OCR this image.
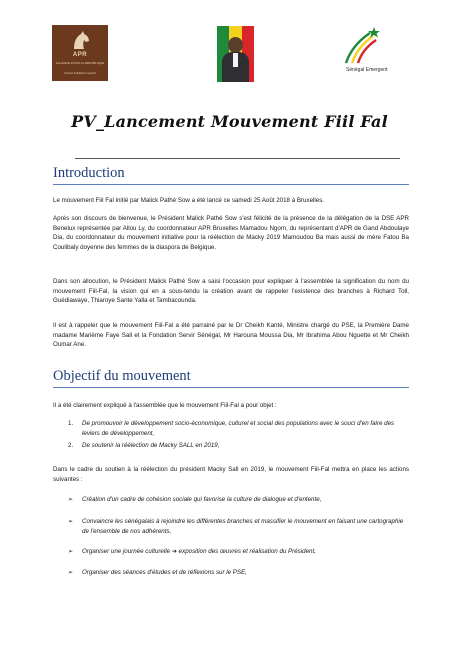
APR
ALLIANCE POUR LA REPUBLIQUE
Travail Solidarité Loyauté	Sénégal Emergent
PV_Lancement Mouvement Fiil Fal
Introduction
Le mouvement Fiil Fal initié par Malick Pathé Sow a été lancé ce samedi 25 Août 2018 à Bruxelles.
Après son discours de bienvenue, le Président Malick Pathé Sow s'est félicité de la présence de la délégation de la DSE APR Benelux représentée par Allou Ly, du coordonnateur APR Bruxelles Mamadou Ngom, du représentant d'APR de Gand Abdoulaye Dia, du coordonnateur du mouvement initiative pour la réélection de Macky 2019 Mamoudou Ba mais aussi de mère Fatou Ba Coulibaly doyenne des femmes de la diaspora de Belgique.
Dans son allocution, le Président Malick Pathé Sow a saisi l'occasion pour expliquer à l'assemblée la signification du nom du mouvement Fiil-Fal, la vision qui en a sous-tendu la création avant de rappeler l'existence des branches à Richard Toll, Guédiawaye, Thiaroye Sante Yalla et Tambacounda.
Il est à rappeler que le mouvement Fiil-Fal a été parrainé par le Dr Cheikh Kanté, Ministre chargé du PSE, la Première Dame madame Marième Faye Sall et la Fondation Servir Sénégal, Mr Harouna Moussa Dia, Mr Ibrahima Abou Nguette et Mr Cheikh Oumar Ane.
Objectif du mouvement
Il a été clairement expliqué à l'assemblée que le mouvement Fiil-Fal a pour objet :
1. De promouvoir le développement socio-économique, culturel et social des populations avec le souci d'en faire des leviers de développement,
2. De soutenir la réélection de Macky SALL en 2019,
Dans le cadre du soutien à la réélection du président Macky Sall en 2019, le mouvement Fiil-Fal mettra en place les actions suivantes :
➢ Création d'un cadre de cohésion sociale qui favorise la culture de dialogue et d'entente,
➢ Convaincre les sénégalais à rejoindre les différentes branches et massifier le mouvement en faisant une cartographie de l'ensemble de nos adhérents,
➢ Organiser une journée culturelle ➔ exposition des œuvres et réalisation du Président,
➢ Organiser des séances d'études et de réflexions sur le PSE,
